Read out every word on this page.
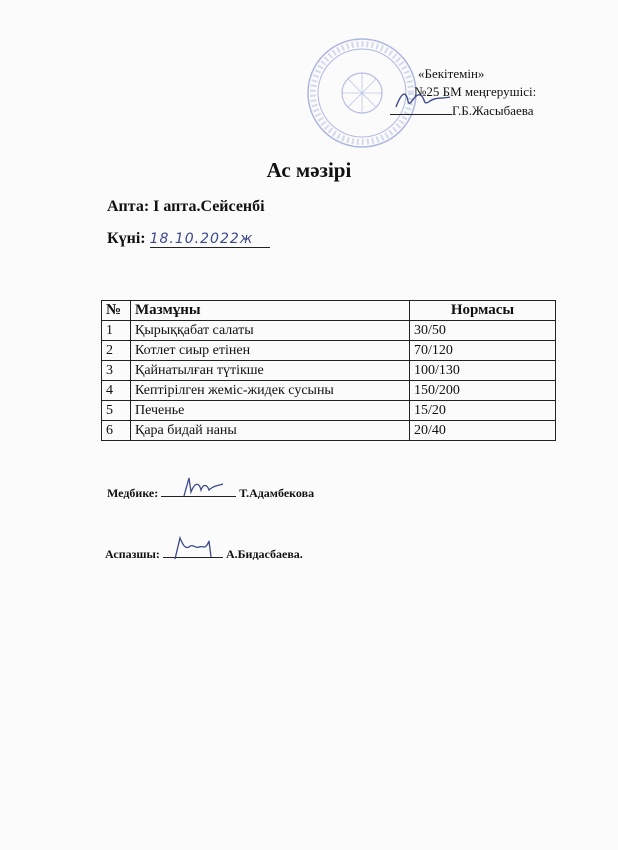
«Бекітемін»
№25 БМ меңгерушісі:
Г.Б.Жасыбаева
Ас мәзірі
Апта: І апта.Сейсенбі
Күні: 18.10.2022ж
№	Мазмұны	Нормасы
1	Қырыққабат салаты	30/50
2	Котлет сиыр етінен	70/120
3	Қайнатылған түтікше	100/130
4	Кептірілген жеміс-жидек сусыны	150/200
5	Печенье	15/20
6	Қара бидай наны	20/40
Медбике:	Т.Адамбекова
Аспазшы:	А.Бидасбаева.
